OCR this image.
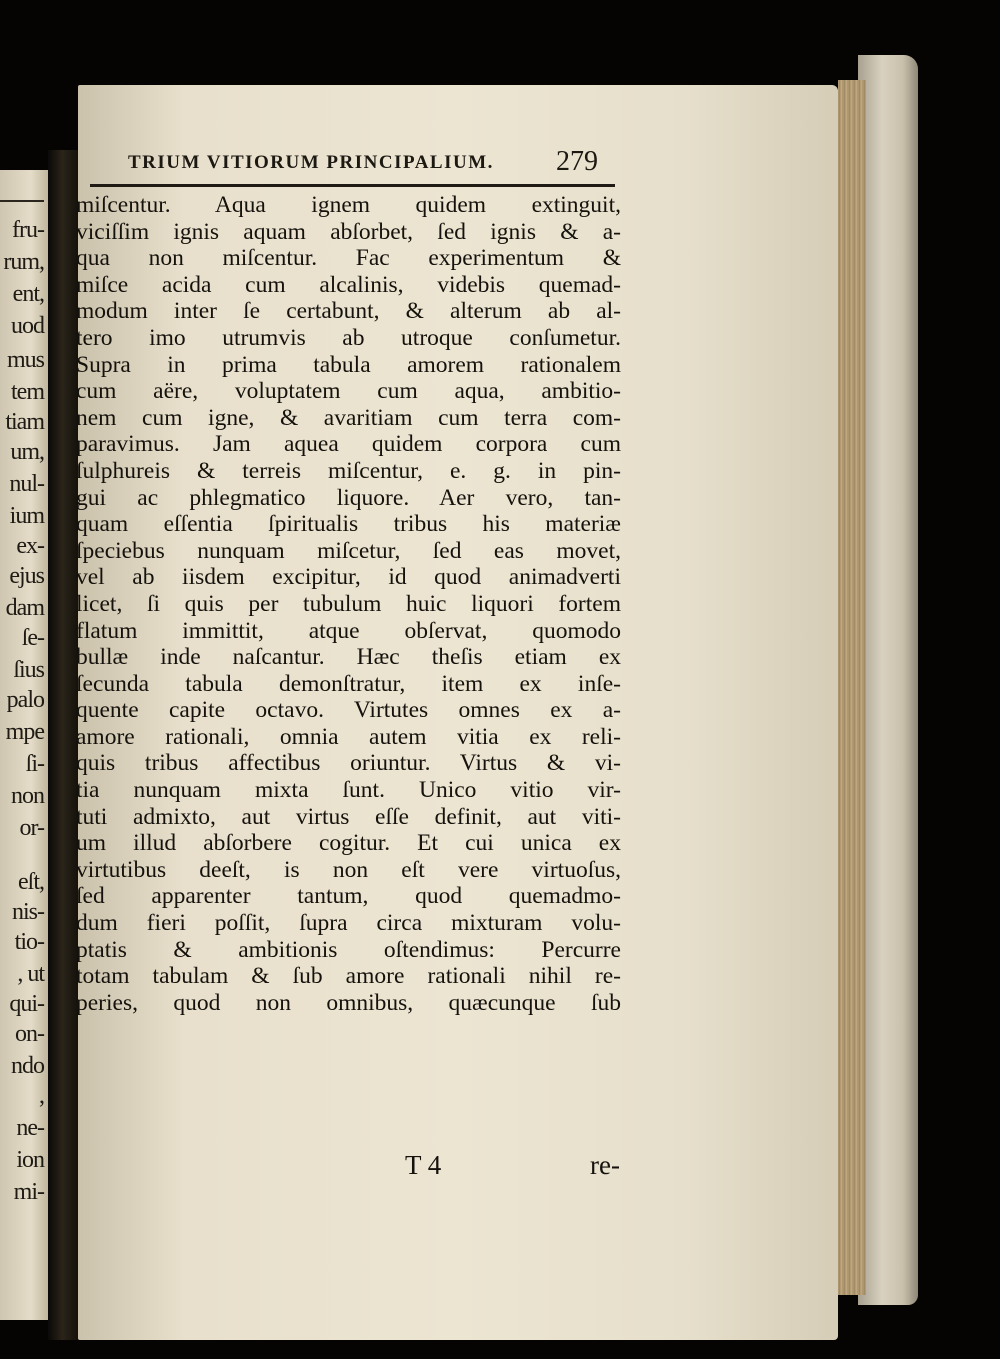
fru-
rum,
ent,
uod
mus
tem
tiam
um,
nul-
ium
ex-
ejus
dam
ſe-
ſius
palo
mpe
ſi-
non
or-
eſt,
nis-
tio-
, ut
qui-
on-
ndo
,
ne-
ion
mi-
TRIUM VITIORUM PRINCIPALIUM. 279
miſcentur. Aqua ignem quidem extinguit,
viciſſim ignis aquam abſorbet, ſed ignis & a-
qua non miſcentur. Fac experimentum &
miſce acida cum alcalinis, videbis quemad-
modum inter ſe certabunt, & alterum ab al-
tero imo utrumvis ab utroque conſumetur.
Supra in prima tabula amorem rationalem
cum aëre, voluptatem cum aqua, ambitio-
nem cum igne, & avaritiam cum terra com-
paravimus. Jam aquea quidem corpora cum
ſulphureis & terreis miſcentur, e. g. in pin-
gui ac phlegmatico liquore. Aer vero, tan-
quam eſſentia ſpiritualis tribus his materiæ
ſpeciebus nunquam miſcetur, ſed eas movet,
vel ab iisdem excipitur, id quod animadverti
licet, ſi quis per tubulum huic liquori fortem
flatum immittit, atque obſervat, quomodo
bullæ inde naſcantur. Hæc theſis etiam ex
ſecunda tabula demonſtratur, item ex inſe-
quente capite octavo. Virtutes omnes ex a-
amore rationali, omnia autem vitia ex reli-
quis tribus affectibus oriuntur. Virtus & vi-
tia nunquam mixta ſunt. Unico vitio vir-
tuti admixto, aut virtus eſſe definit, aut viti-
um illud abſorbere cogitur. Et cui unica ex
virtutibus deeſt, is non eſt vere virtuoſus,
ſed apparenter tantum, quod quemadmo-
dum fieri poſſit, ſupra circa mixturam volu-
ptatis & ambitionis oſtendimus: Percurre
totam tabulam & ſub amore rationali nihil re-
peries, quod non omnibus, quæcunque ſub
T 4	re-
